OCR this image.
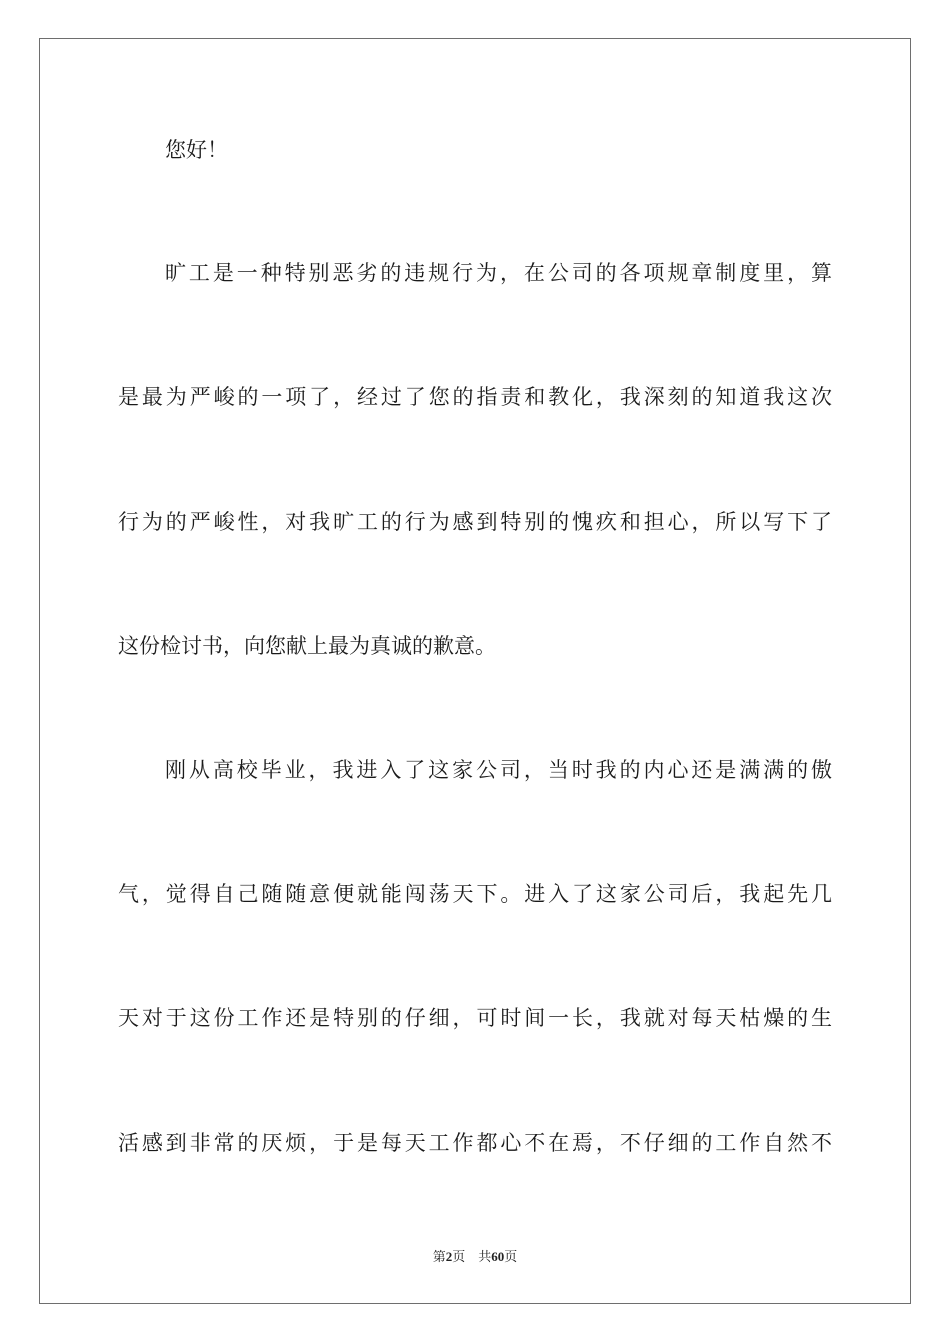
您好！
旷工是一种特别恶劣的违规行为，在公司的各项规章制度里，算
是最为严峻的一项了，经过了您的指责和教化，我深刻的知道我这次
行为的严峻性，对我旷工的行为感到特别的愧疚和担心，所以写下了
这份检讨书，向您献上最为真诚的歉意。
刚从高校毕业，我进入了这家公司，当时我的内心还是满满的傲
气，觉得自己随随意便就能闯荡天下。进入了这家公司后，我起先几
天对于这份工作还是特别的仔细，可时间一长，我就对每天枯燥的生
活感到非常的厌烦，于是每天工作都心不在焉，不仔细的工作自然不
第2页 共60页
